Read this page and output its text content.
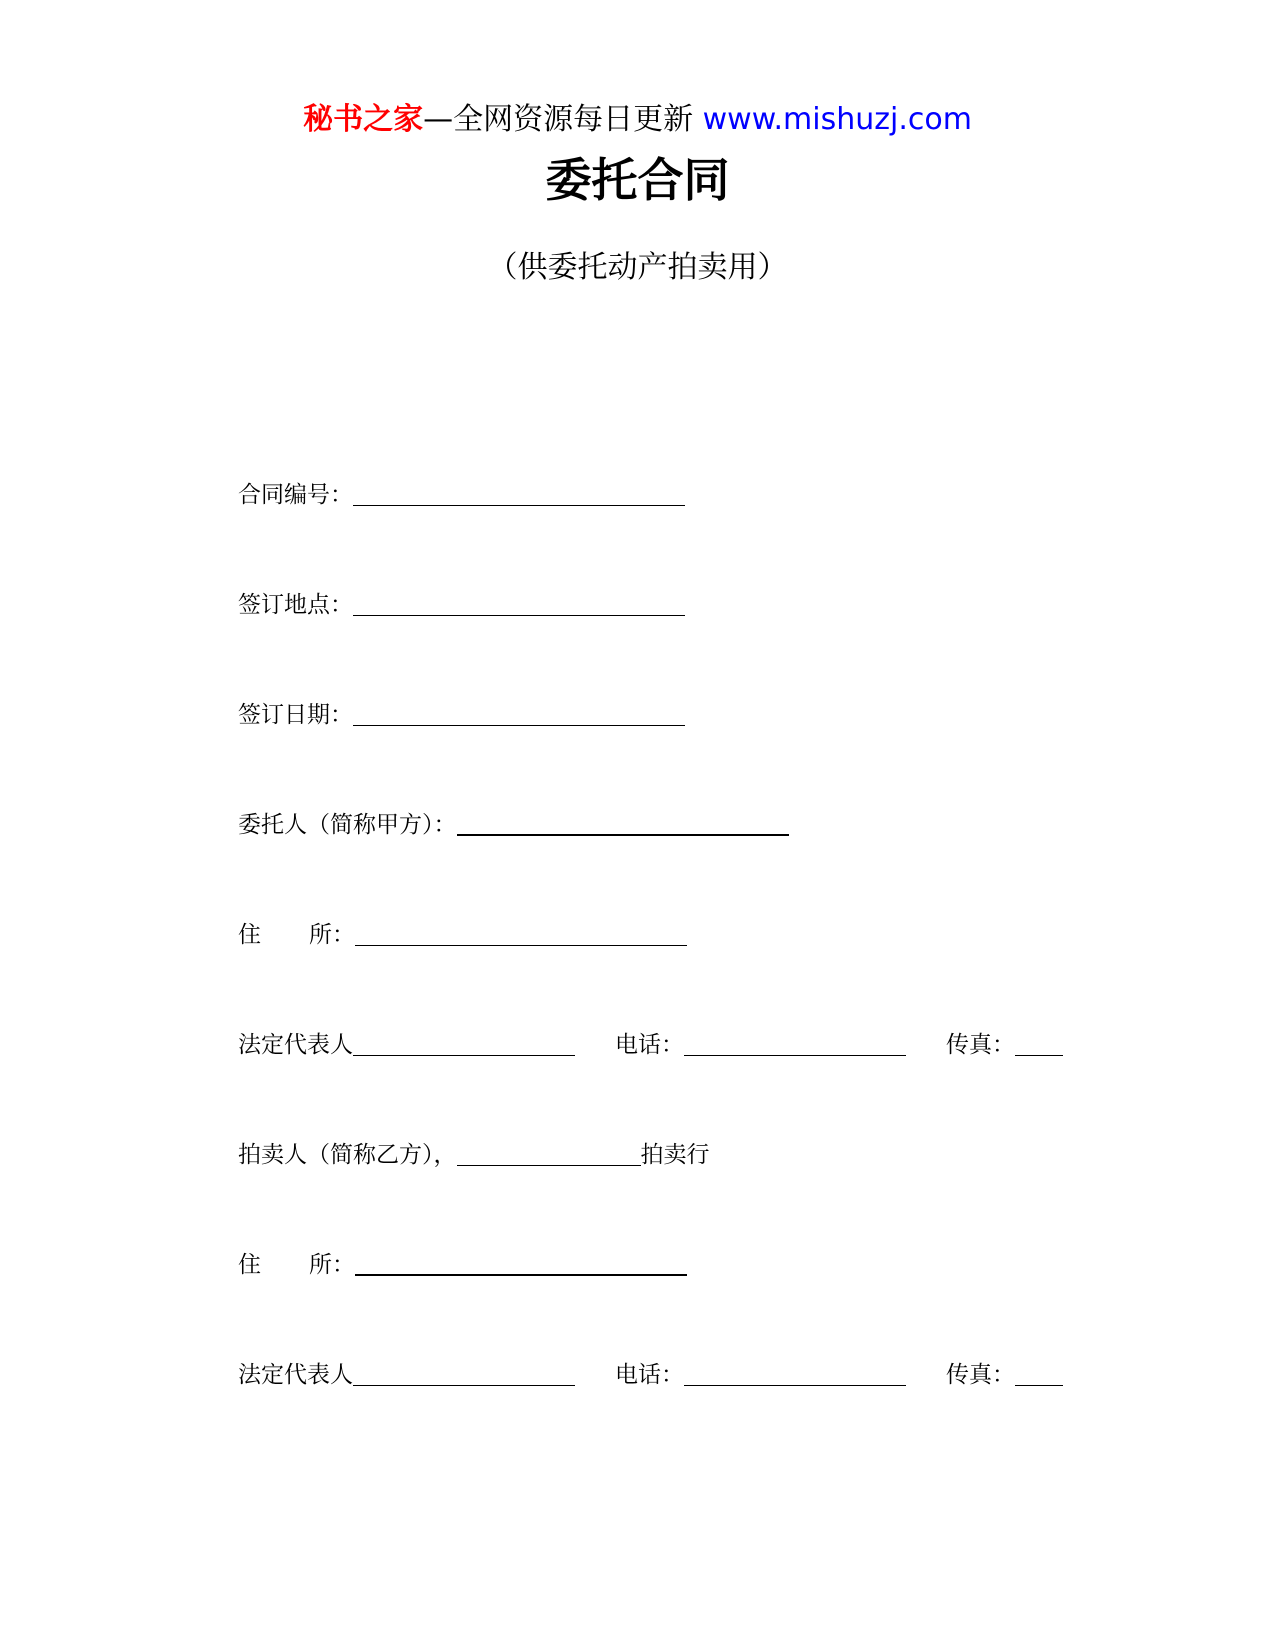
秘书之家—全网资源每日更新 www.mishuzj.com
委托合同
（供委托动产拍卖用）
合同编号：
签订地点：
签订日期：
委托人（简称甲方）：
住 所：
法定代表人	电话：	传真：
拍卖人（简称乙方），	拍卖行
住 所：
法定代表人	电话：	传真：
